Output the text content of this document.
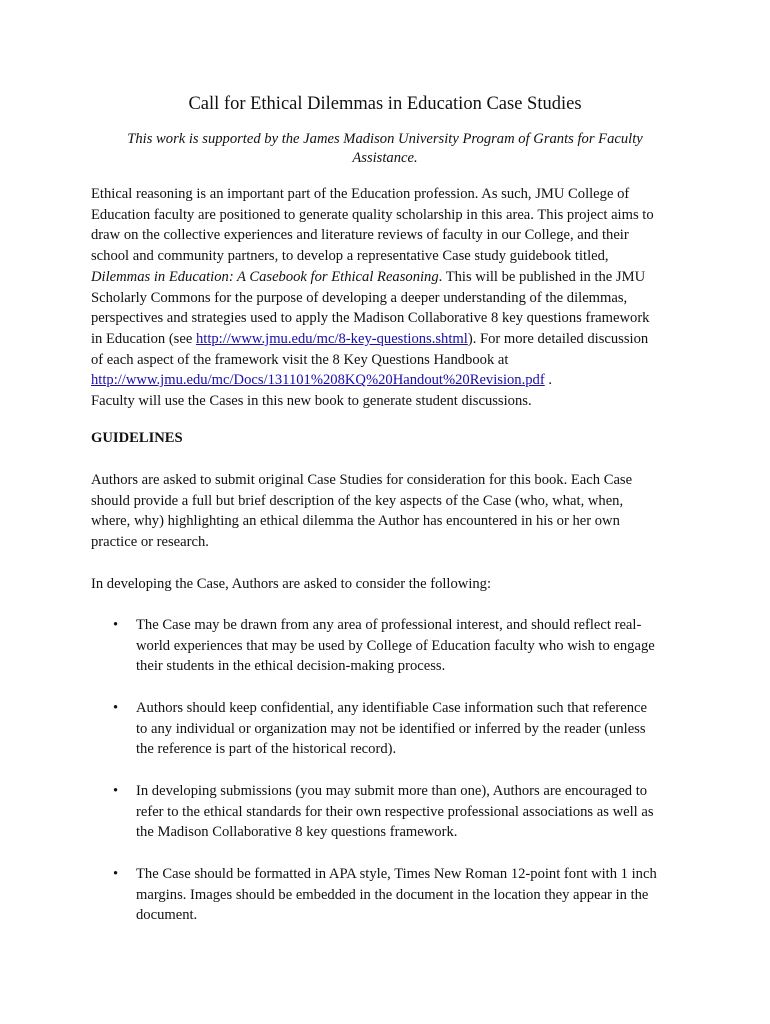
Call for Ethical Dilemmas in Education Case Studies

This work is supported by the James Madison University Program of Grants for Faculty
Assistance.

Ethical reasoning is an important part of the Education profession. As such, JMU College of
Education faculty are positioned to generate quality scholarship in this area. This project aims to
draw on the collective experiences and literature reviews of faculty in our College, and their
school and community partners, to develop a representative Case study guidebook titled,
Dilemmas in Education: A Casebook for Ethical Reasoning. This will be published in the JMU
Scholarly Commons for the purpose of developing a deeper understanding of the dilemmas,
perspectives and strategies used to apply the Madison Collaborative 8 key questions framework
in Education (see http://www.jmu.edu/mc/8-key-questions.shtml). For more detailed discussion
of each aspect of the framework visit the 8 Key Questions Handbook at
http://www.jmu.edu/mc/Docs/131101%208KQ%20Handout%20Revision.pdf .
Faculty will use the Cases in this new book to generate student discussions.

GUIDELINES

Authors are asked to submit original Case Studies for consideration for this book. Each Case
should provide a full but brief description of the key aspects of the Case (who, what, when,
where, why) highlighting an ethical dilemma the Author has encountered in his or her own
practice or research.

In developing the Case, Authors are asked to consider the following:

• The Case may be drawn from any area of professional interest, and should reflect real-
world experiences that may be used by College of Education faculty who wish to engage
their students in the ethical decision-making process.
• Authors should keep confidential, any identifiable Case information such that reference
to any individual or organization may not be identified or inferred by the reader (unless
the reference is part of the historical record).
• In developing submissions (you may submit more than one), Authors are encouraged to
refer to the ethical standards for their own respective professional associations as well as
the Madison Collaborative 8 key questions framework.
• The Case should be formatted in APA style, Times New Roman 12-point font with 1 inch
margins. Images should be embedded in the document in the location they appear in the
document.
